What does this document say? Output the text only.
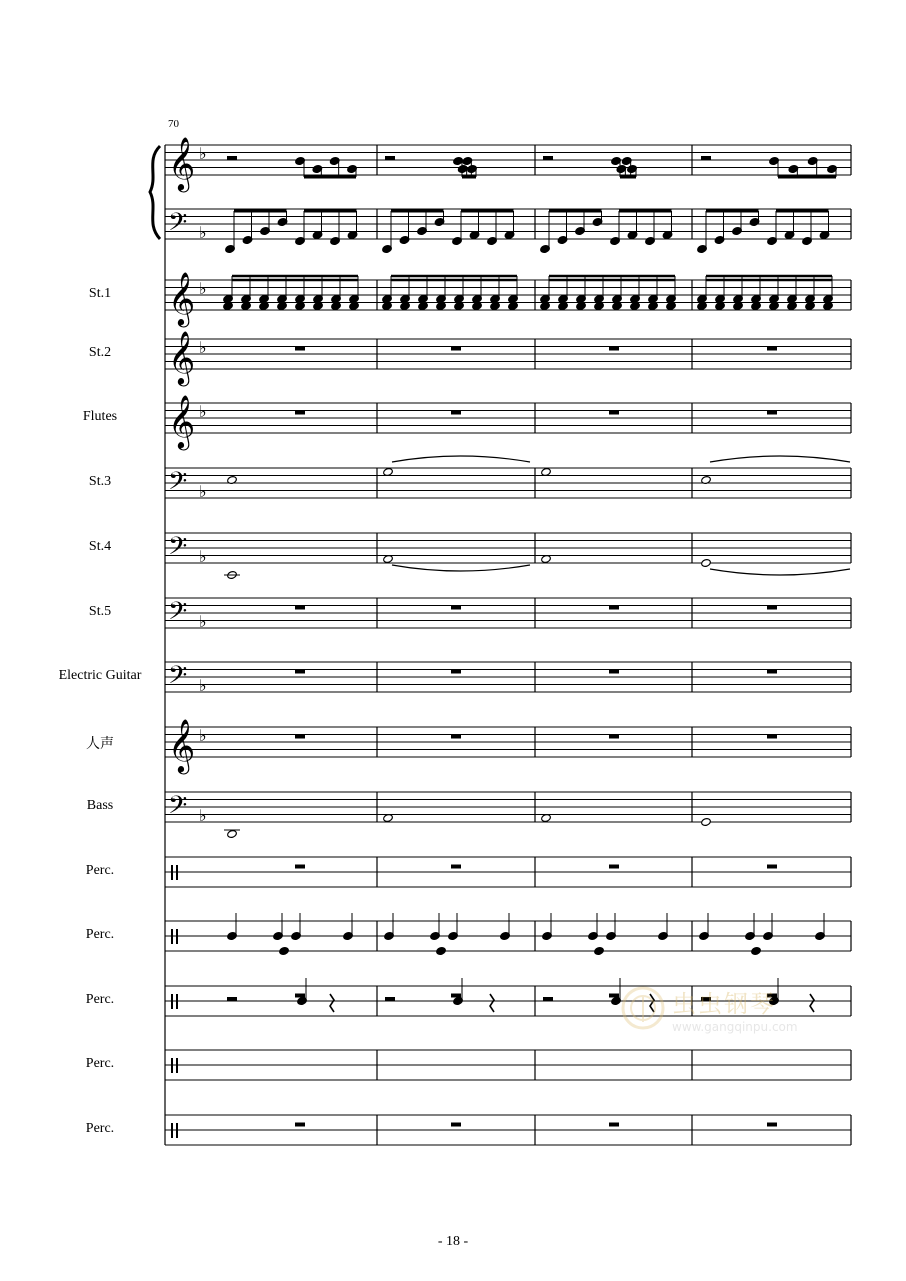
𝄞 ♭
𝄢 ♭
𝄞 ♭
𝄞 ♭
𝄞 ♭
𝄢 ♭
𝄢 ♭
𝄢 ♭
𝄢 ♭
𝄞 ♭
𝄢 ♭
70
St.1
St.2
Flutes
St.3
St.4
St.5
Electric Guitar
人声
Bass
Perc.
Perc.
Perc.
Perc.
Perc.
- 18 -
虫虫钢琴
www.gangqinpu.com
